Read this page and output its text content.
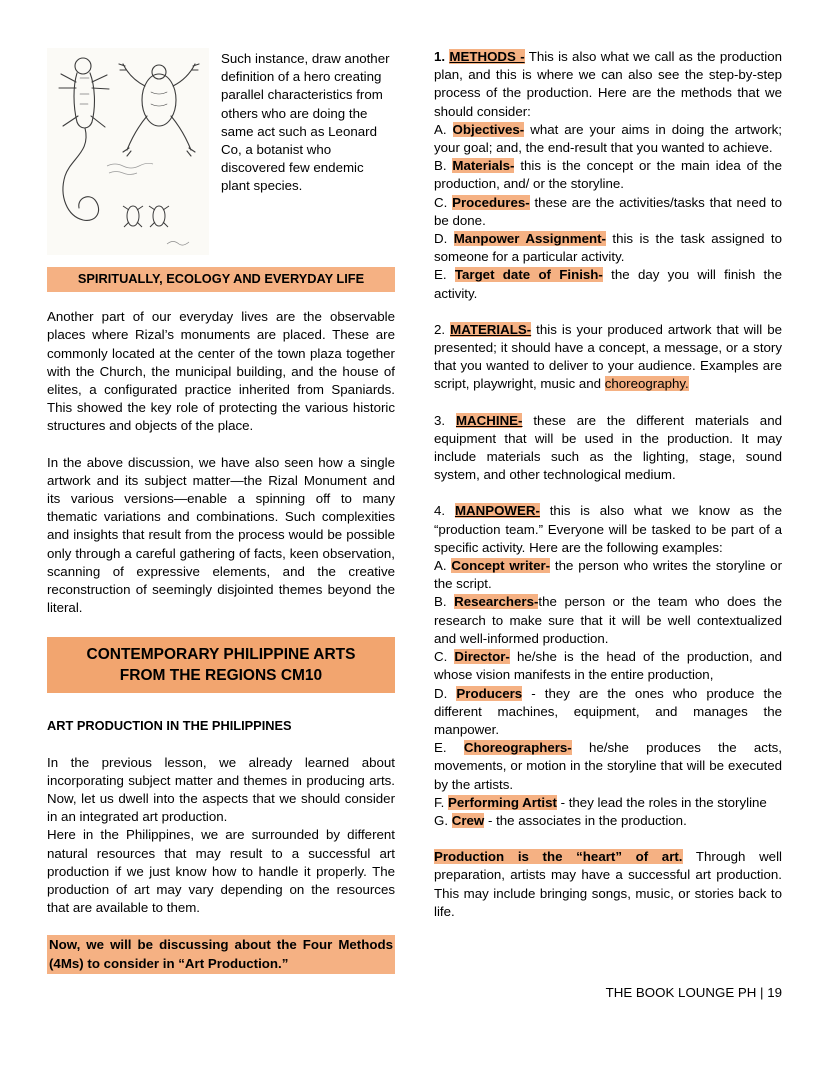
Such instance, draw another definition of a hero creating parallel characteristics from others who are doing the same act such as Leonard Co, a botanist who discovered few endemic plant species.

SPIRITUALLY, ECOLOGY AND EVERYDAY LIFE

Another part of our everyday lives are the observable places where Rizal’s monuments are placed. These are commonly located at the center of the town plaza together with the Church, the municipal building, and the house of elites, a configurated practice inherited from Spaniards. This showed the key role of protecting the various historic structures and objects of the place.

In the above discussion, we have also seen how a single artwork and its subject matter—the Rizal Monument and its various versions—enable a spinning off to many thematic variations and combinations. Such complexities and insights that result from the process would be possible only through a careful gathering of facts, keen observation, scanning of expressive elements, and the creative reconstruction of seemingly disjointed themes beyond the literal.

CONTEMPORARY PHILIPPINE ARTS FROM THE REGIONS CM10
ART PRODUCTION IN THE PHILIPPINES

In the previous lesson, we already learned about incorporating subject matter and themes in producing arts. Now, let us dwell into the aspects that we should consider in an integrated art production.

Here in the Philippines, we are surrounded by different natural resources that may result to a successful art production if we just know how to handle it properly. The production of art may vary depending on the resources that are available to them.

Now, we will be discussing about the Four Methods (4Ms) to consider in “Art Production.”

1. METHODS - This is also what we call as the production plan, and this is where we can also see the step-by-step process of the production. Here are the methods that we should consider:

A. Objectives- what are your aims in doing the artwork; your goal; and, the end-result that you wanted to achieve.

B. Materials- this is the concept or the main idea of the production, and/ or the storyline.

C. Procedures- these are the activities/tasks that need to be done.

D. Manpower Assignment- this is the task assigned to someone for a particular activity.

E. Target date of Finish- the day you will finish the activity.

2. MATERIALS- this is your produced artwork that will be presented; it should have a concept, a message, or a story that you wanted to deliver to your audience. Examples are script, playwright, music and choreography.

3. MACHINE- these are the different materials and equipment that will be used in the production. It may include materials such as the lighting, stage, sound system, and other technological medium.

4. MANPOWER- this is also what we know as the “production team.” Everyone will be tasked to be part of a specific activity. Here are the following examples:

A. Concept writer- the person who writes the storyline or the script.

B. Researchers-the person or the team who does the research to make sure that it will be well contextualized and well-informed production.

C. Director- he/she is the head of the production, and whose vision manifests in the entire production,

D. Producers - they are the ones who produce the different machines, equipment, and manages the manpower.

E. Choreographers- he/she produces the acts, movements, or motion in the storyline that will be executed by the artists.

F. Performing Artist - they lead the roles in the storyline

G. Crew - the associates in the production.

Production is the “heart” of art. Through well preparation, artists may have a successful art production. This may include bringing songs, music, or stories back to life.

THE BOOK LOUNGE PH | 19
